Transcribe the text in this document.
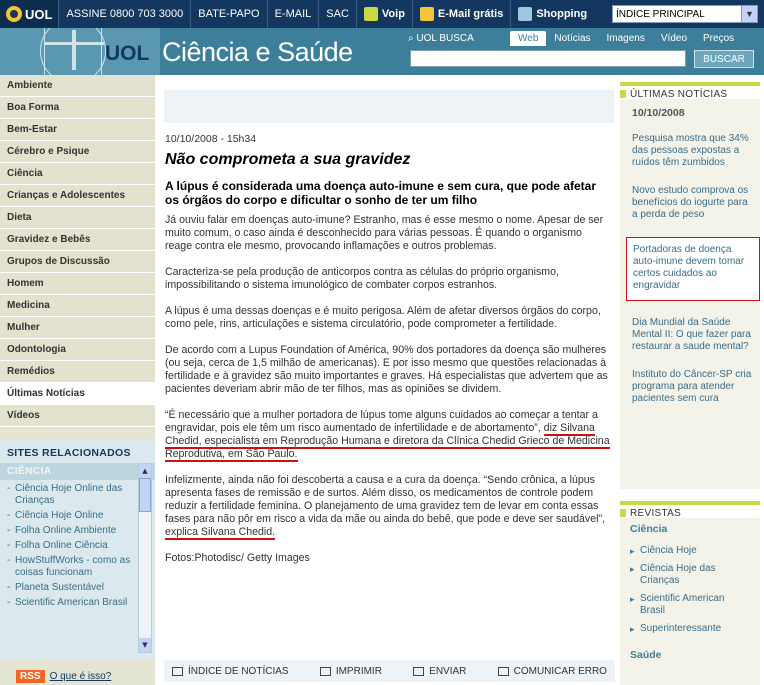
UOL ASSINE 0800 703 3000 BATE-PAPO E-MAIL SAC	Voip	E-Mail grátis	Shopping	ÍNDICE PRINCIPAL	▼
UOL Ciência e Saúde	⌕ UOL BUSCA	Web	Notícias	Imagens	Vídeo	Preços
BUSCAR
Ambiente
Boa Forma
Bem-Estar
Cérebro e Psique
Ciência
Crianças e Adolescentes
Dieta
Gravidez e Bebês
Grupos de Discussão
Homem
Medicina
Mulher
Odontologia
Remédios
Últimas Notícias
Vídeos
SITES RELACIONADOS
CIÊNCIA
- Ciência Hoje Online das Crianças
- Ciência Hoje Online
- Folha Online Ambiente
- Folha Online Ciência
- HowStuffWorks - como as coisas funcionam
- Planeta Sustentável
- Scientific American Brasil
▲
▼
RSS O que é isso?
10/10/2008 - 15h34
Não comprometa a sua gravidez
A lúpus é considerada uma doença auto-imune e sem cura, que pode afetar os órgãos do corpo e dificultar o sonho de ter um filho

Já ouviu falar em doenças auto-imune? Estranho, mas é esse mesmo o nome. Apesar de ser muito comum, o caso ainda é desconhecido para várias pessoas. É quando o organismo reage contra ele mesmo, provocando inflamações e outros problemas.

Caracteriza-se pela produção de anticorpos contra as células do próprio organismo, impossibilitando o sistema imunológico de combater corpos estranhos.

A lúpus é uma dessas doenças e é muito perigosa. Além de afetar diversos órgãos do corpo, como pele, rins, articulações e sistema circulatório, pode comprometer a fertilidade.

De acordo com a Lupus Foundation of América, 90% dos portadores da doença são mulheres (ou seja, cerca de 1,5 milhão de americanas). E por isso mesmo que questões relacionadas à fertilidade e à gravidez são muito importantes e graves. Há especialistas que advertem que as pacientes deveriam abrir mão de ter filhos, mas as opiniões se dividem.

“É necessário que a mulher portadora de lúpus tome alguns cuidados ao começar a tentar a engravidar, pois ele têm um risco aumentado de infertilidade e de abortamento”, diz Silvana Chedid, especialista em Reprodução Humana e diretora da Clínica Chedid Grieco de Medicina Reprodutiva, em São Paulo.

Infelizmente, ainda não foi descoberta a causa e a cura da doença. “Sendo crônica, a lúpus apresenta fases de remissão e de surtos. Além disso, os medicamentos de controle podem reduzir a fertilidade feminina. O planejamento de uma gravidez tem de levar em conta essas fases para não pôr em risco a vida da mãe ou ainda do bebê, que pode e deve ser saudável”, explica Silvana Chedid.

Fotos:Photodisc/ Getty Images
ÍNDICE DE NOTÍCIAS	IMPRIMIR	ENVIAR	COMUNICAR ERRO
ÚLTIMAS NOTÍCIAS
10/10/2008
Pesquisa mostra que 34% das pessoas expostas a ruídos têm zumbidos
Novo estudo comprova os benefícios do iogurte para a perda de peso
Portadoras de doença auto-imune devem tomar certos cuidados ao engravidar
Dia Mundial da Saúde Mental II: O que fazer para restaurar a saude mental?
Instituto do Câncer-SP cria programa para atender pacientes sem cura
REVISTAS
Ciência
▸ Ciência Hoje
▸ Ciência Hoje das Crianças
▸ Scientific American Brasil
▸ Superinteressante
Saúde
